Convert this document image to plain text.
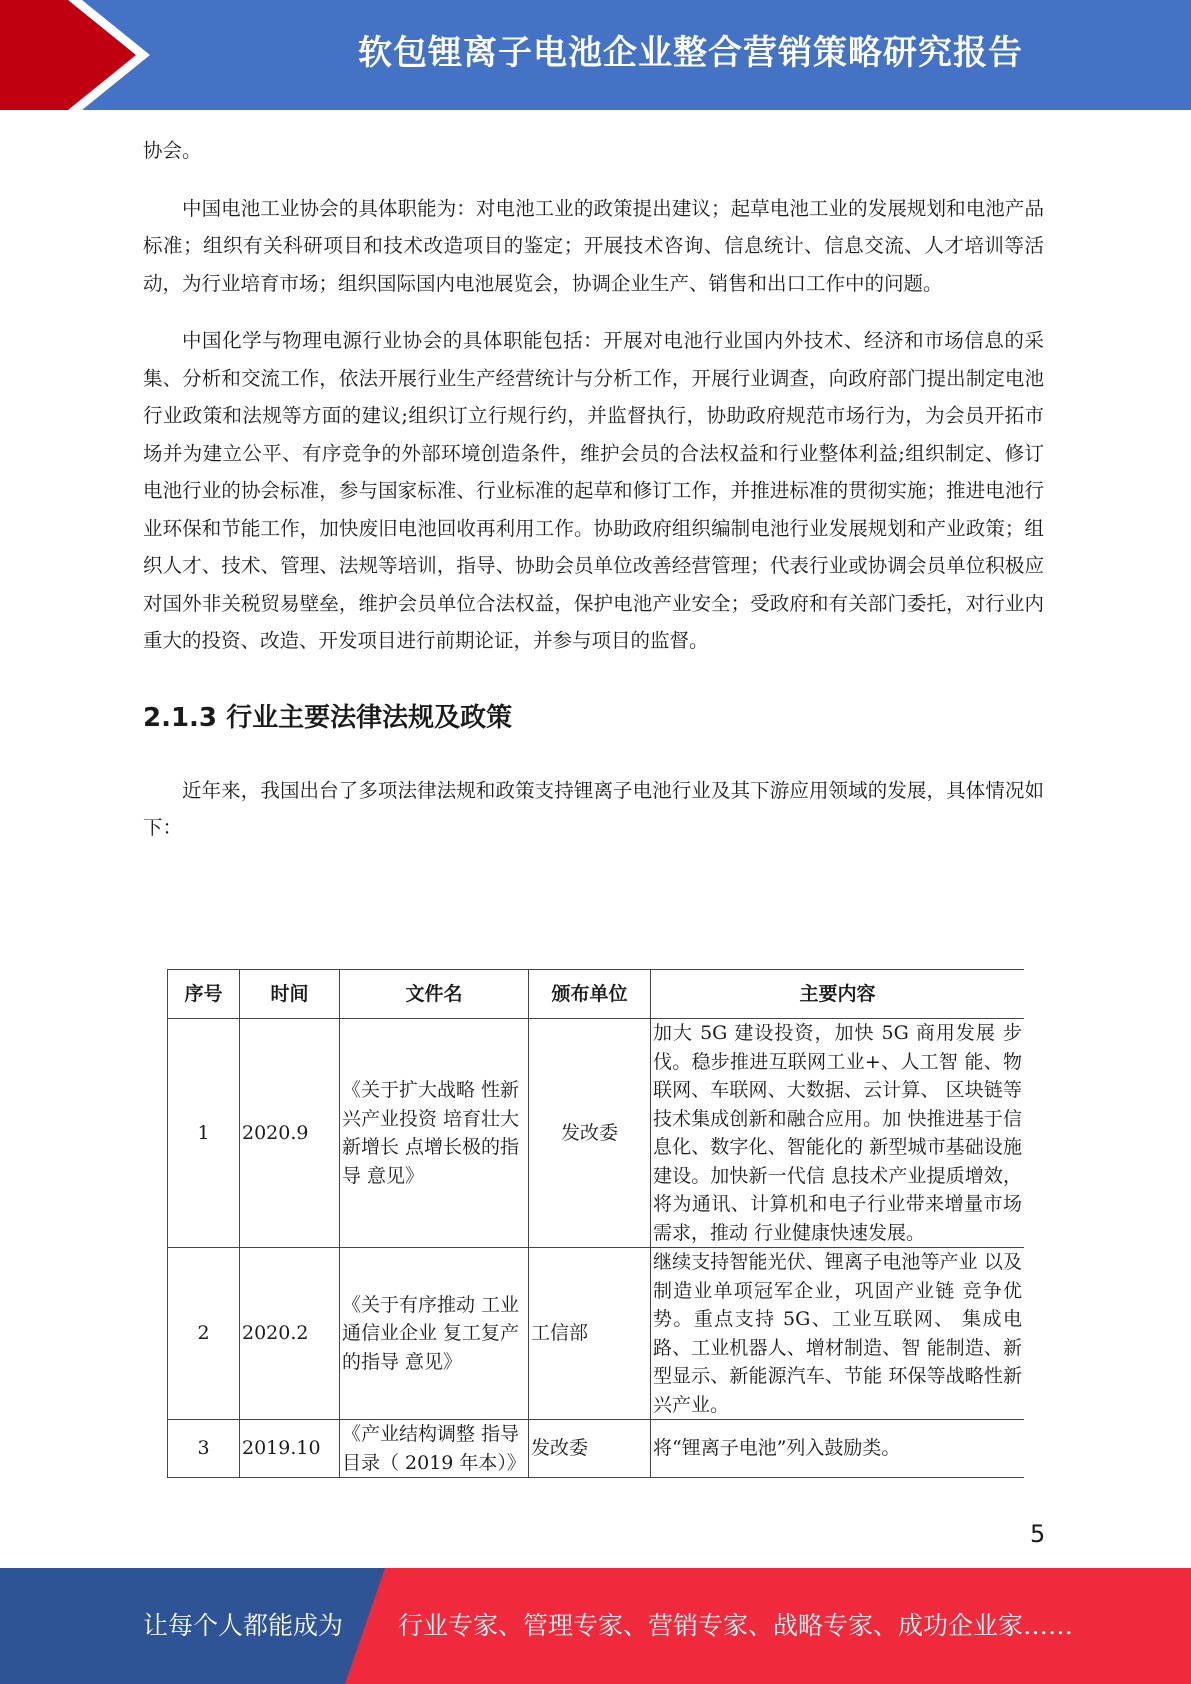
软包锂离子电池企业整合营销策略研究报告

协会。

中国电池工业协会的具体职能为：对电池工业的政策提出建议；起草电池工业的发展规划和电池产品标准；组织有关科研项目和技术改造项目的鉴定；开展技术咨询、信息统计、信息交流、人才培训等活动，为行业培育市场；组织国际国内电池展览会，协调企业生产、销售和出口工作中的问题。

中国化学与物理电源行业协会的具体职能包括：开展对电池行业国内外技术、经济和市场信息的采集、分析和交流工作，依法开展行业生产经营统计与分析工作，开展行业调查，向政府部门提出制定电池行业政策和法规等方面的建议;组织订立行规行约，并监督执行，协助政府规范市场行为，为会员开拓市场并为建立公平、有序竞争的外部环境创造条件，维护会员的合法权益和行业整体利益;组织制定、修订电池行业的协会标准，参与国家标准、行业标准的起草和修订工作，并推进标准的贯彻实施；推进电池行业环保和节能工作，加快废旧电池回收再利用工作。协助政府组织编制电池行业发展规划和产业政策；组织人才、技术、管理、法规等培训，指导、协助会员单位改善经营管理；代表行业或协调会员单位积极应对国外非关税贸易壁垒，维护会员单位合法权益，保护电池产业安全；受政府和有关部门委托，对行业内重大的投资、改造、开发项目进行前期论证，并参与项目的监督。

2.1.3 行业主要法律法规及政策

近年来，我国出台了多项法律法规和政策支持锂离子电池行业及其下游应用领域的发展，具体情况如下：

序号	时间	文件名	颁布单位	主要内容
1	2020.9	《关于扩大战略 性新兴产业投资 培育壮大新增长 点增长极的指导 意见》	发改委	加大 5G 建设投资，加快 5G 商用发展 步伐。稳步推进互联网工业+、人工智 能、物联网、车联网、大数据、云计算、 区块链等技术集成创新和融合应用。加 快推进基于信息化、数字化、智能化的 新型城市基础设施建设。加快新一代信 息技术产业提质增效，将为通讯、计算机和电子行业带来增量市场需求，推动 行业健康快速发展。
2	2020.2	《关于有序推动 工业通信业企业 复工复产的指导 意见》	工信部	继续支持智能光伏、锂离子电池等产业 以及制造业单项冠军企业，巩固产业链 竞争优势。重点支持 5G、工业互联网、 集成电路、工业机器人、增材制造、智 能制造、新型显示、新能源汽车、节能 环保等战略性新兴产业。
3	2019.10	《产业结构调整 指导目录（ 2019 年本）》	发改委	将“锂离子电池”列入鼓励类。
5
让每个人都能成为 行业专家、管理专家、营销专家、战略专家、成功企业家……
